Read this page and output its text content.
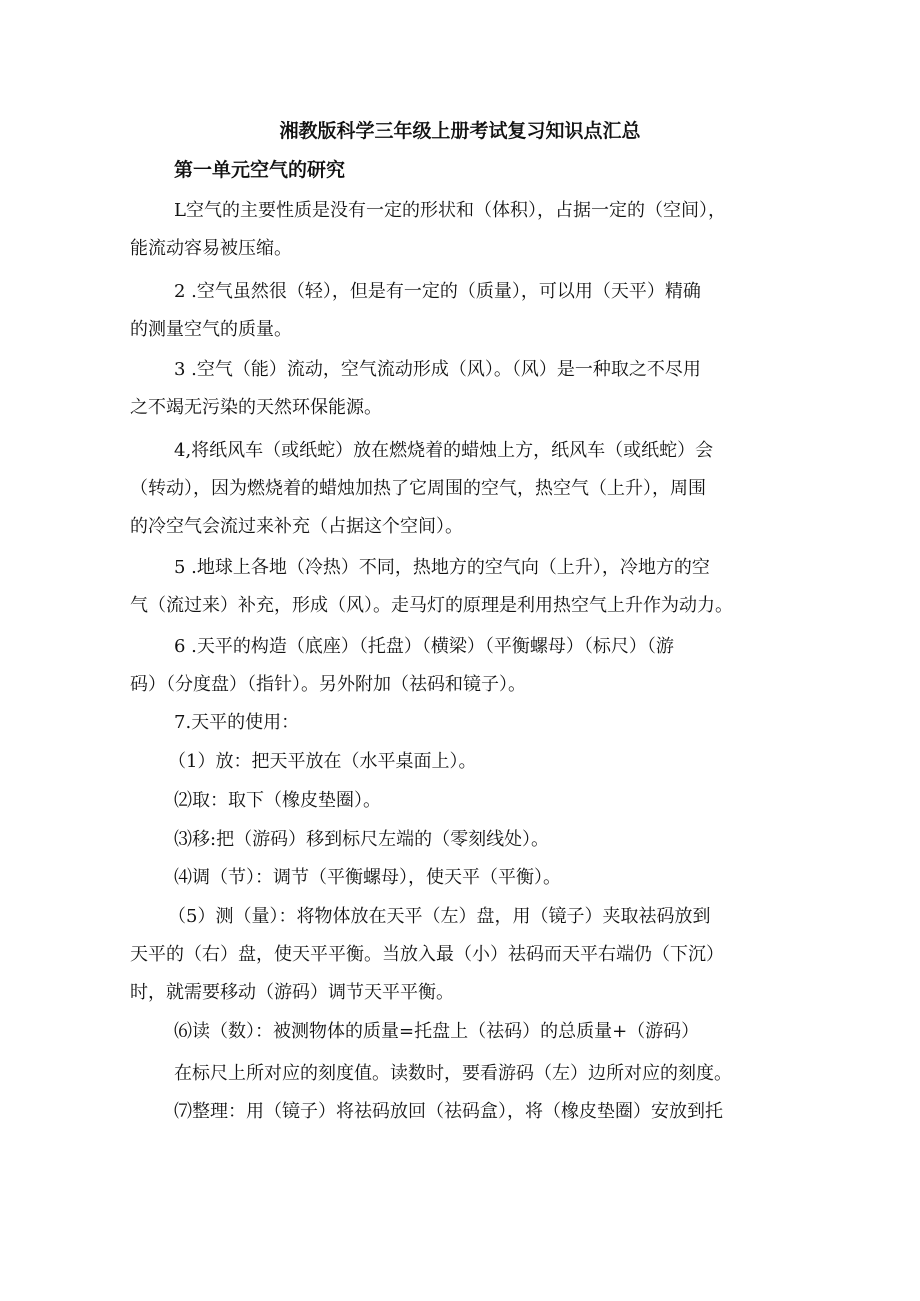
湘教版科学三年级上册考试复习知识点汇总
第一单元空气的研究

L空气的主要性质是没有一定的形状和（体积），占据一定的（空间），

能流动容易被压缩。

2 .空气虽然很（轻），但是有一定的（质量），可以用（天平）精确

的测量空气的质量。

3 .空气（能）流动，空气流动形成（风）。（风）是一种取之不尽用

之不竭无污染的天然环保能源。

4,将纸风车（或纸蛇）放在燃烧着的蜡烛上方，纸风车（或纸蛇）会

（转动），因为燃烧着的蜡烛加热了它周围的空气，热空气（上升），周围

的冷空气会流过来补充（占据这个空间）。

5 .地球上各地（冷热）不同，热地方的空气向（上升），冷地方的空

气（流过来）补充，形成（风）。走马灯的原理是利用热空气上升作为动力。

6 .天平的构造（底座）（托盘）（横梁）（平衡螺母）（标尺）（游

码）（分度盘）（指针）。另外附加（祛码和镜子）。

7.天平的使用：

（1）放：把天平放在（水平桌面上）。

⑵取：取下（橡皮垫圈）。

⑶移:把（游码）移到标尺左端的（零刻线处）。

⑷调（节）：调节（平衡螺母），使天平（平衡）。

（5）测（量）：将物体放在天平（左）盘，用（镜子）夹取祛码放到

天平的（右）盘，使天平平衡。当放入最（小）祛码而天平右端仍（下沉）

时，就需要移动（游码）调节天平平衡。

⑹读（数）：被测物体的质量=托盘上（祛码）的总质量+（游码）

在标尺上所对应的刻度值。读数时，要看游码（左）边所对应的刻度。

⑺整理：用（镜子）将祛码放回（祛码盒），将（橡皮垫圈）安放到托
